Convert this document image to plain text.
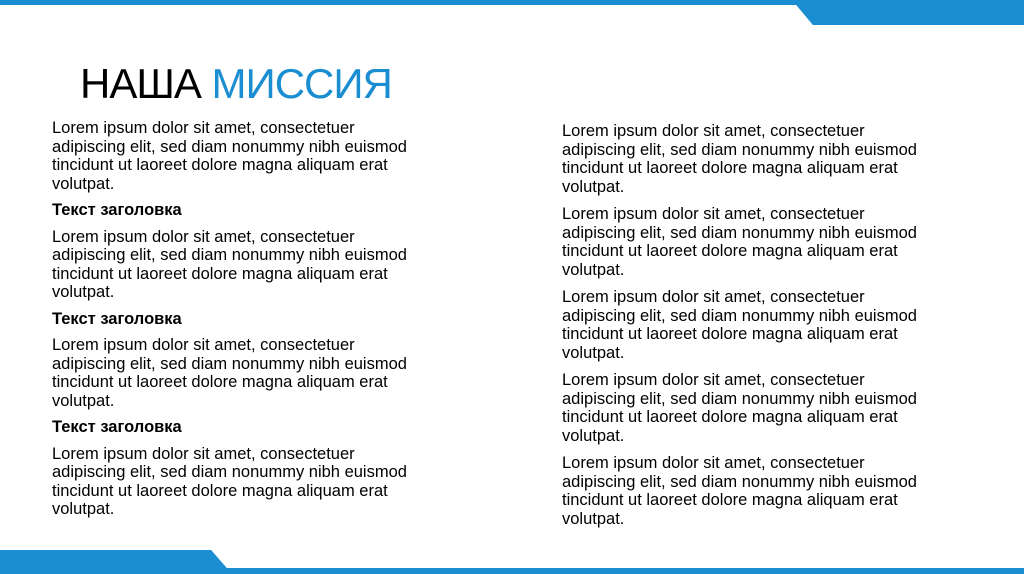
НАША МИССИЯ
Lorem ipsum dolor sit amet, consectetuer
adipiscing elit, sed diam nonummy nibh euismod
tincidunt ut laoreet dolore magna aliquam erat
volutpat.
Текст заголовка
Lorem ipsum dolor sit amet, consectetuer
adipiscing elit, sed diam nonummy nibh euismod
tincidunt ut laoreet dolore magna aliquam erat
volutpat.
Текст заголовка
Lorem ipsum dolor sit amet, consectetuer
adipiscing elit, sed diam nonummy nibh euismod
tincidunt ut laoreet dolore magna aliquam erat
volutpat.
Текст заголовка
Lorem ipsum dolor sit amet, consectetuer
adipiscing elit, sed diam nonummy nibh euismod
tincidunt ut laoreet dolore magna aliquam erat
volutpat.
Lorem ipsum dolor sit amet, consectetuer
adipiscing elit, sed diam nonummy nibh euismod
tincidunt ut laoreet dolore magna aliquam erat
volutpat.
Lorem ipsum dolor sit amet, consectetuer
adipiscing elit, sed diam nonummy nibh euismod
tincidunt ut laoreet dolore magna aliquam erat
volutpat.
Lorem ipsum dolor sit amet, consectetuer
adipiscing elit, sed diam nonummy nibh euismod
tincidunt ut laoreet dolore magna aliquam erat
volutpat.
Lorem ipsum dolor sit amet, consectetuer
adipiscing elit, sed diam nonummy nibh euismod
tincidunt ut laoreet dolore magna aliquam erat
volutpat.
Lorem ipsum dolor sit amet, consectetuer
adipiscing elit, sed diam nonummy nibh euismod
tincidunt ut laoreet dolore magna aliquam erat
volutpat.
